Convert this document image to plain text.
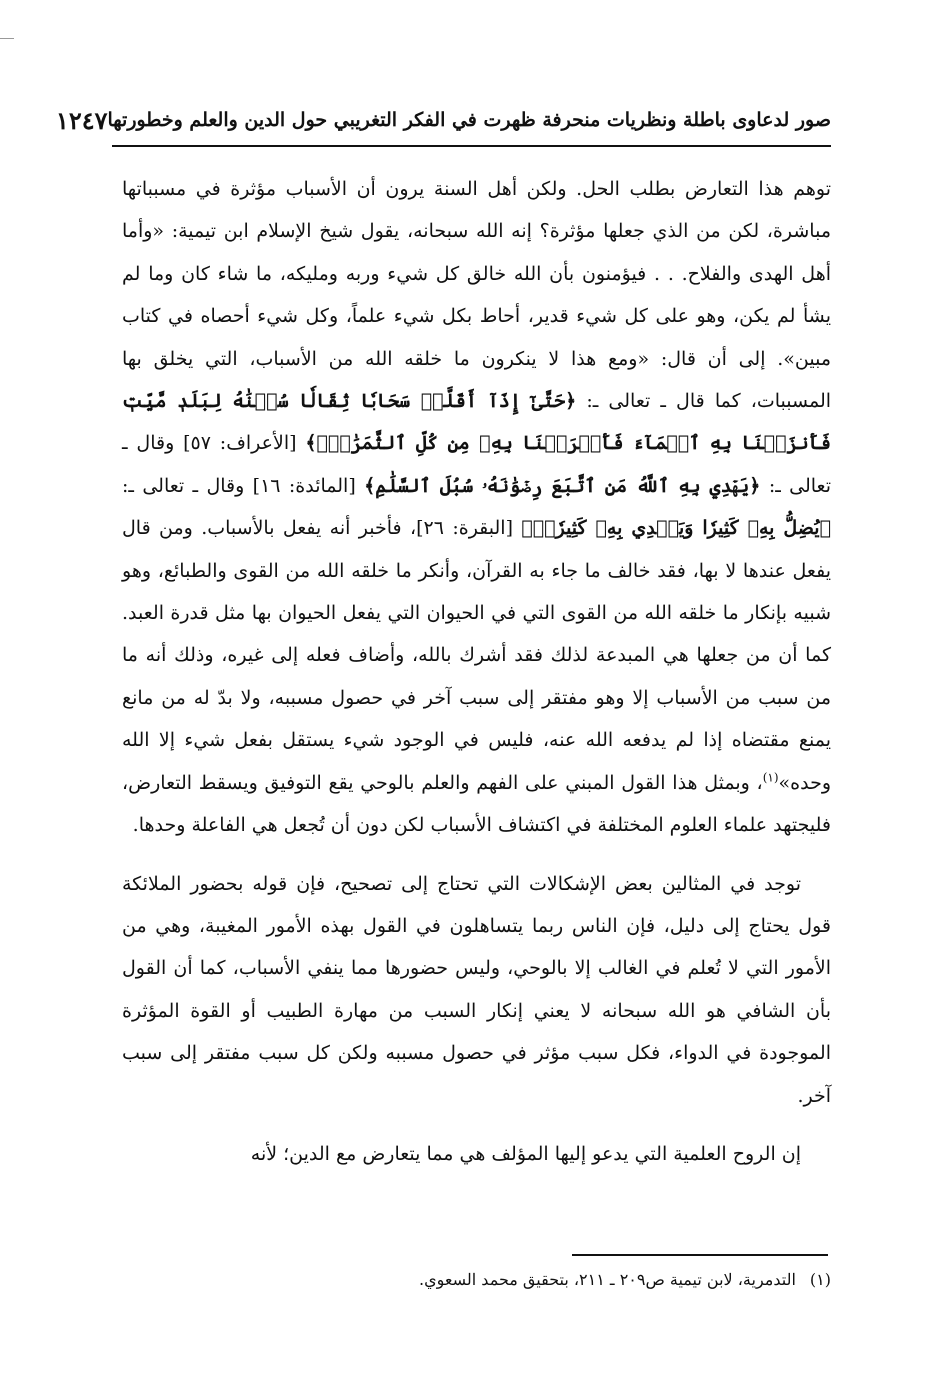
صور لدعاوى باطلة ونظريات منحرفة ظهرت في الفكر التغريبي حول الدين والعلم وخطورتها
١٢٤٧

توهم هذا التعارض بطلب الحل. ولكن أهل السنة يرون أن الأسباب مؤثرة في مسبباتها مباشرة، لكن من الذي جعلها مؤثرة؟ إنه الله سبحانه، يقول شيخ الإسلام ابن تيمية: «وأما أهل الهدى والفلاح. . . فيؤمنون بأن الله خالق كل شيء وربه ومليكه، ما شاء كان وما لم يشأ لم يكن، وهو على كل شيء قدير، أحاط بكل شيء علماً، وكل شيء أحصاه في كتاب مبين». إلى أن قال: «ومع هذا لا ينكرون ما خلقه الله من الأسباب، التي يخلق بها المسببات، كما قال ـ تعالى ـ: ﴿حَتَّىٰٓ إِذَآ أَقَلَّتۡ سَحَابٗا ثِقَالٗا سُقۡنَٰهُ لِبَلَدٖ مَّيِّتٖ فَأَنزَلۡنَا بِهِ ٱلۡمَآءَ فَأَخۡرَجۡنَا بِهِۦ مِن كُلِّ ٱلثَّمَرَٰتِۚ﴾ [الأعراف: ٥٧] وقال ـ تعالى ـ: ﴿يَهۡدِي بِهِ ٱللَّهُ مَنِ ٱتَّبَعَ رِضۡوَٰنَهُۥ سُبُلَ ٱلسَّلَٰمِ﴾ [المائدة: ١٦] وقال ـ تعالى ـ: ﴿يُضِلُّ بِهِۦ كَثِيرٗا وَيَهۡدِي بِهِۦ كَثِيرٗاۚ﴾ [البقرة: ٢٦]، فأخبر أنه يفعل بالأسباب. ومن قال يفعل عندها لا بها، فقد خالف ما جاء به القرآن، وأنكر ما خلقه الله من القوى والطبائع، وهو شبيه بإنكار ما خلقه الله من القوى التي في الحيوان التي يفعل الحيوان بها مثل قدرة العبد. كما أن من جعلها هي المبدعة لذلك فقد أشرك بالله، وأضاف فعله إلى غيره، وذلك أنه ما من سبب من الأسباب إلا وهو مفتقر إلى سبب آخر في حصول مسببه، ولا بدّ له من مانع يمنع مقتضاه إذا لم يدفعه الله عنه، فليس في الوجود شيء يستقل بفعل شيء إلا الله وحده»$^{(١)}$، وبمثل هذا القول المبني على الفهم والعلم بالوحي يقع التوفيق ويسقط التعارض، فليجتهد علماء العلوم المختلفة في اكتشاف الأسباب لكن دون أن تُجعل هي الفاعلة وحدها.

توجد في المثالين بعض الإشكالات التي تحتاج إلى تصحيح، فإن قوله بحضور الملائكة قول يحتاج إلى دليل، فإن الناس ربما يتساهلون في القول بهذه الأمور المغيبة، وهي من الأمور التي لا تُعلم في الغالب إلا بالوحي، وليس حضورها مما ينفي الأسباب، كما أن القول بأن الشافي هو الله سبحانه لا يعني إنكار السبب من مهارة الطبيب أو القوة المؤثرة الموجودة في الدواء، فكل سبب مؤثر في حصول مسببه ولكن كل سبب مفتقر إلى سبب آخر.

إن الروح العلمية التي يدعو إليها المؤلف هي مما يتعارض مع الدين؛ لأنه

(١)التدمرية، لابن تيمية ص٢٠٩ ـ ٢١١، بتحقيق محمد السعوي.
